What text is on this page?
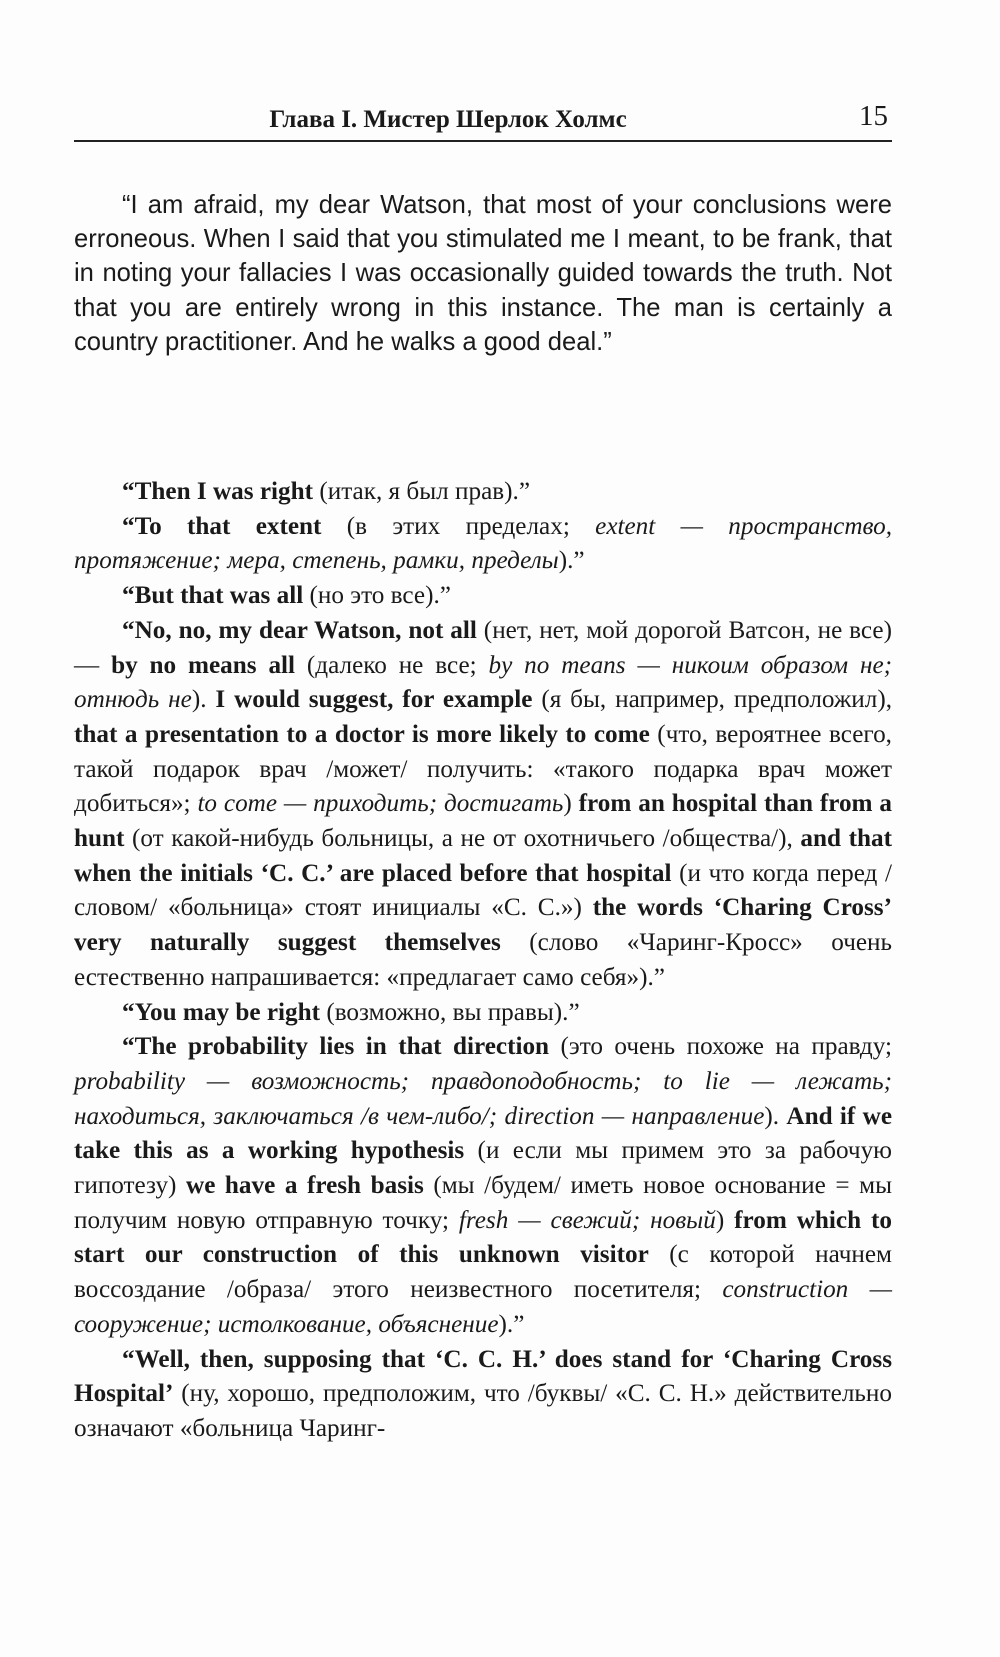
Глава I. Мистер Шерлок Холмс	15

“I am afraid, my dear Watson, that most of your conclusions were erroneous. When I said that you stimulated me I meant, to be frank, that in noting your fallacies I was occasionally guided towards the truth. Not that you are entirely wrong in this instance. The man is certainly a country practitioner. And he walks a good deal.”

“Then I was right (итак, я был прав).”

“To that extent (в этих пределах; extent — пространство, протяжение; мера, степень, рамки, пределы).”

“But that was all (но это все).”

“No, no, my dear Watson, not all (нет, нет, мой дорогой Ватсон, не все) — by no means all (далеко не все; by no means — никоим образом не; отнюдь не). I would suggest, for example (я бы, например, предположил), that a presentation to a doctor is more likely to come (что, вероятнее всего, такой подарок врач /может/ получить: «такого подарка врач может добиться»; to come — приходить; достигать) from an hospital than from a hunt (от какой-нибудь больницы, а не от охотничьего /общества/), and that when the initials ‘C. C.’ are placed before that hospital (и что когда перед /словом/ «больница» стоят инициалы «C. C.») the words ‘Charing Cross’ very naturally suggest themselves (слово «Чаринг-Кросс» очень естественно напрашивается: «предлагает само себя»).”

“You may be right (возможно, вы правы).”

“The probability lies in that direction (это очень похоже на правду; probability — возможность; правдоподобность; to lie — лежать; находиться, заключаться /в чем-либо/; direction — направление). And if we take this as a working hypothesis (и если мы примем это за рабочую гипотезу) we have a fresh basis (мы /будем/ иметь новое основание = мы получим новую отправную точку; fresh — свежий; новый) from which to start our construction of this unknown visitor (с которой начнем воссоздание /образа/ этого неизвестного посетителя; construction — сооружение; истолкование, объяснение).”

“Well, then, supposing that ‘C. C. H.’ does stand for ‘Charing Cross Hospital’ (ну, хорошо, предположим, что /буквы/ «C. C. H.» действительно означают «больница Чаринг-
